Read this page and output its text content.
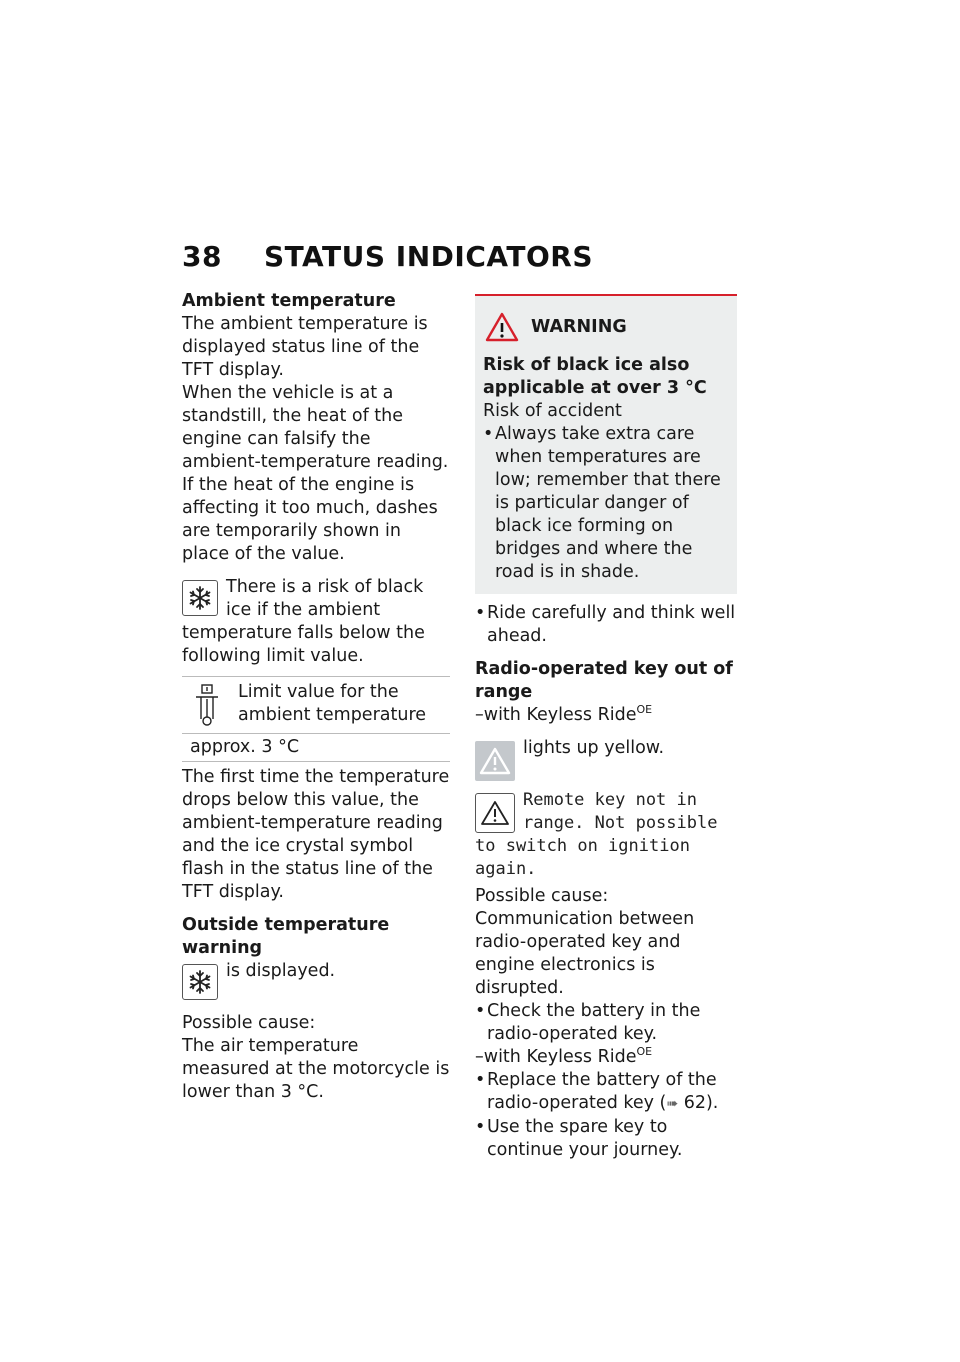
38 STATUS INDICATORS

Ambient temperature

The ambient temperature is displayed status line of the TFT display.

When the vehicle is at a standstill, the heat of the engine can falsify the ambient-temperature reading. If the heat of the engine is affecting it too much, dashes are temporarily shown in place of the value.

There is a risk of black ice if the ambient temperature falls below the following limit value.

Limit value for the ambient temperature

approx. 3 °C

The first time the temperature drops below this value, the ambient-temperature reading and the ice crystal symbol flash in the status line of the TFT display.

Outside temperature warning

is displayed.

Possible cause:

The air temperature measured at the motorcycle is lower than 3 °C.

WARNING

Risk of black ice also applicable at over 3 °C

Risk of accident

• Always take extra care when temperatures are low; remember that there is particular danger of black ice forming on bridges and where the road is in shade.
• Ride carefully and think well ahead.

Radio-operated key out of range

–with Keyless Ride$^{OE}$

lights up yellow.

Remote key not in range. Not possible to switch on ignition again.

Possible cause:

Communication between radio-operated key and engine electronics is disrupted.

• Check the battery in the radio-operated key.

–with Keyless Ride$^{OE}$

• Replace the battery of the radio-operated key (➠ 62).
• Use the spare key to continue your journey.
